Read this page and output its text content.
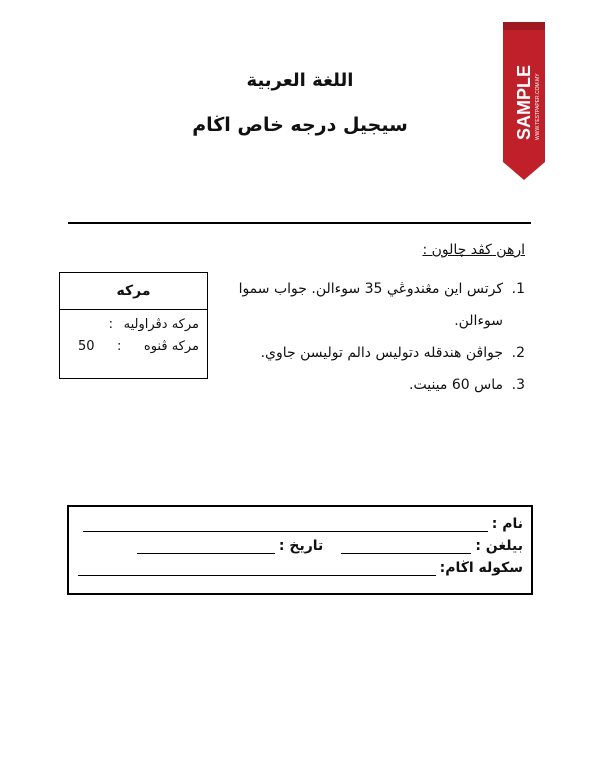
اللغة العربية
سيجيل درجه خاص اڬام	SAMPLE WWW.TESTPAPER.COM.MY
ارهن كڤد چالون :
1.
كرتس اين مڠندوڠي 35 سوءالن. جواب سموا سوءالن.
2.
جواڤن هندقله دتوليس دالم توليسن جاوي.
3.
ماس 60 مينيت.
مركه
مركه دڤراوليه
:
مركه ڤنوه
:
50
نام :
بيلغن :
تاريخ :
سکوله اڬام:
